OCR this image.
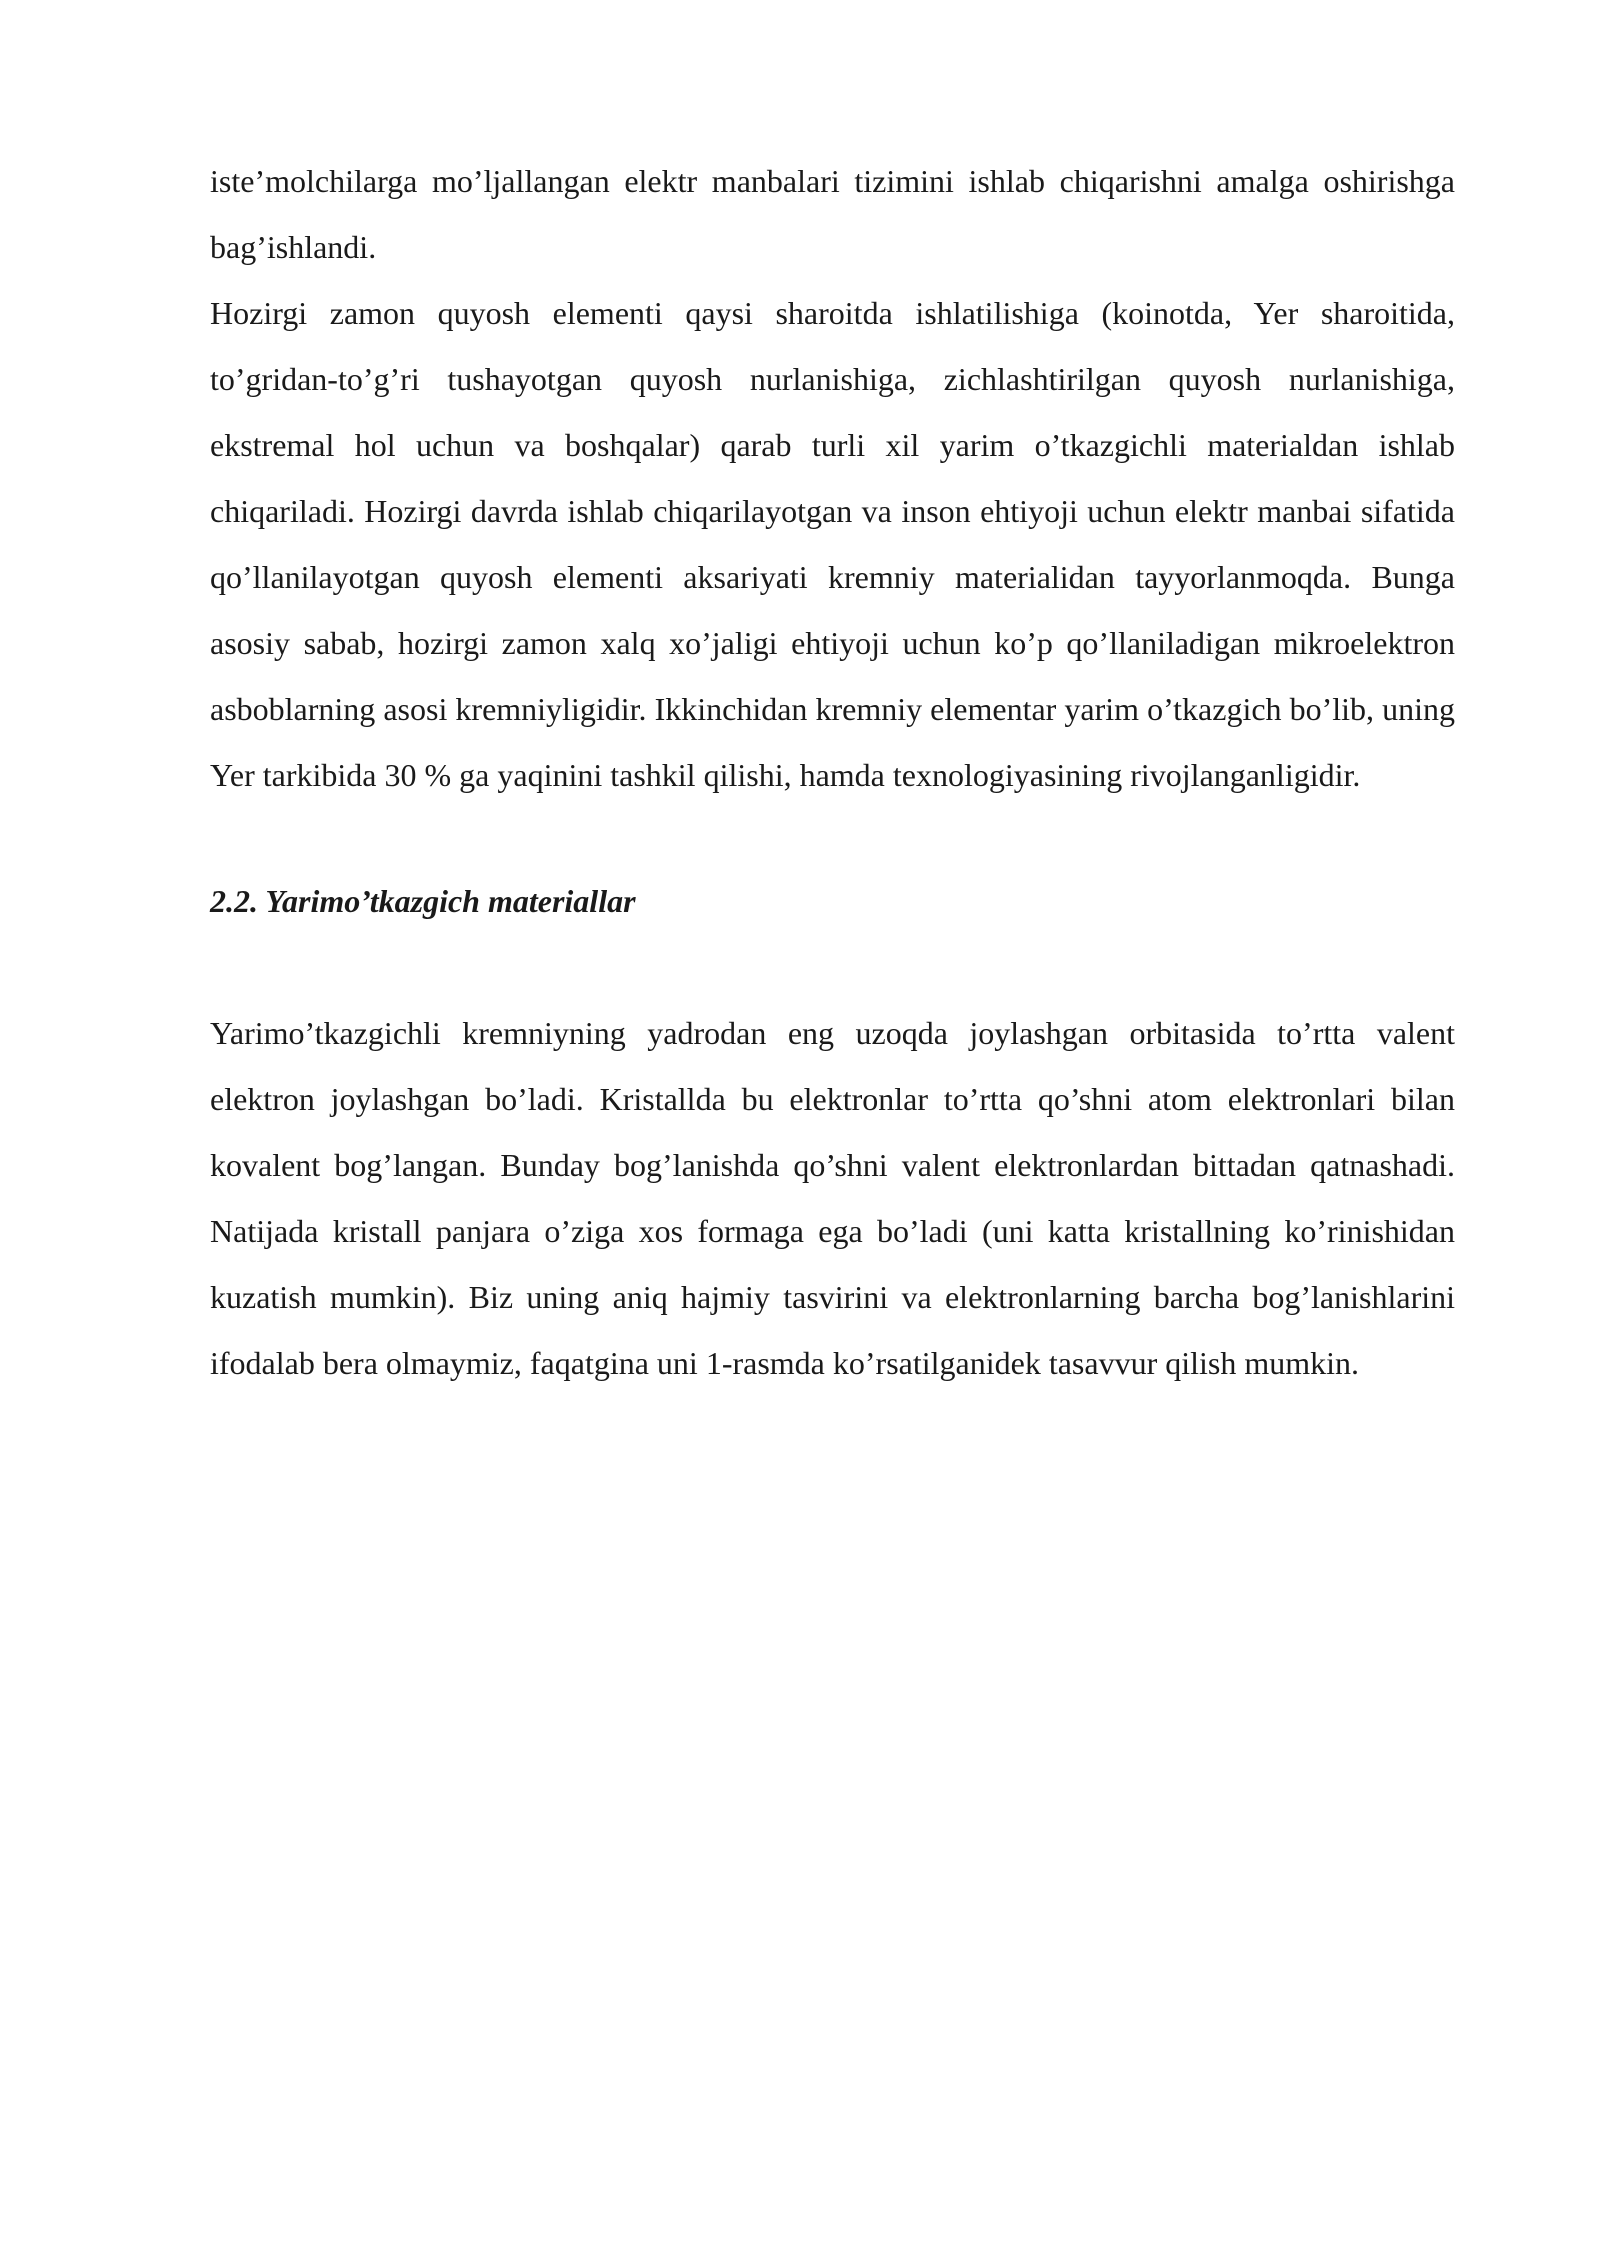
iste’molchilarga mo’ljallangan elektr manbalari tizimini ishlab chiqarishni amalga oshirishga bag’ishlandi.

Hozirgi zamon quyosh elementi qaysi sharoitda ishlatilishiga (koinotda, Yer sharoitida, to’gridan-to’g’ri tushayotgan quyosh nurlanishiga, zichlashtirilgan quyosh nurlanishiga, ekstremal hol uchun va boshqalar) qarab turli xil yarim o’tkazgichli materialdan ishlab chiqariladi. Hozirgi davrda ishlab chiqarilayotgan va inson ehtiyoji uchun elektr manbai sifatida qo’llanilayotgan quyosh elementi aksariyati kremniy materialidan tayyorlanmoqda. Bunga asosiy sabab, hozirgi zamon xalq xo’jaligi ehtiyoji uchun ko’p qo’llaniladigan mikroelektron asboblarning asosi kremniyligidir. Ikkinchidan kremniy elementar yarim o’tkazgich bo’lib, uning Yer tarkibida 30 % ga yaqinini tashkil qilishi, hamda texnologiyasining rivojlanganligidir.

2.2. Yarimo’tkazgich materiallar

Yarimo’tkazgichli kremniyning yadrodan eng uzoqda joylashgan orbitasida to’rtta valent elektron joylashgan bo’ladi. Kristallda bu elektronlar to’rtta qo’shni atom elektronlari bilan kovalent bog’langan. Bunday bog’lanishda qo’shni valent elektronlardan bittadan qatnashadi. Natijada kristall panjara o’ziga xos formaga ega bo’ladi (uni katta kristallning ko’rinishidan kuzatish mumkin). Biz uning aniq hajmiy tasvirini va elektronlarning barcha bog’lanishlarini ifodalab bera olmaymiz, faqatgina uni 1-rasmda ko’rsatilganidek tasavvur qilish mumkin.
